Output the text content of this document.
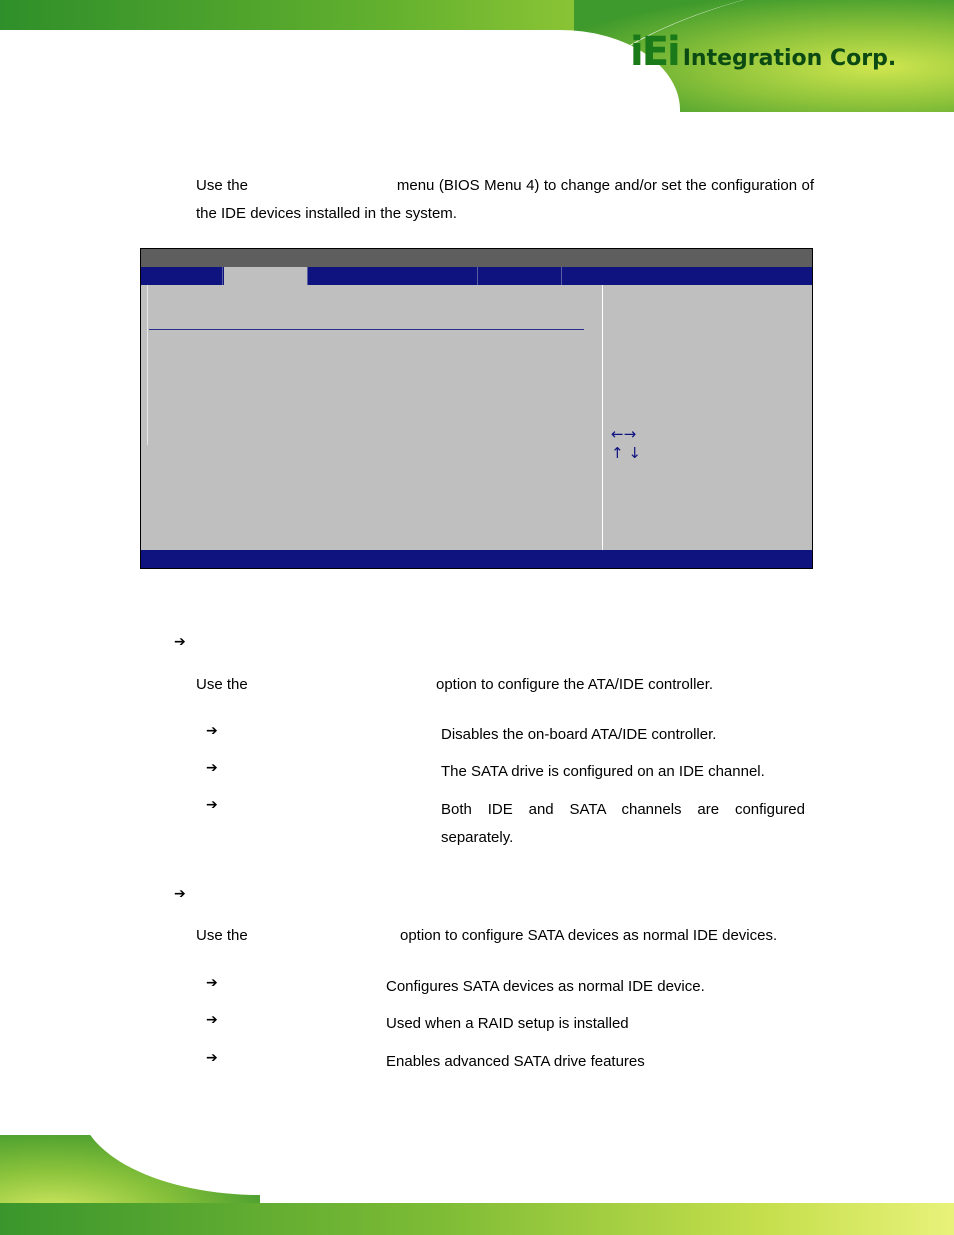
iEi Integration Corp.
Use the	menu (BIOS Menu 4) to change and/or set the configuration of the IDE devices installed in the system.
←→
↑ ↓
➔
Use the	option to configure the ATA/IDE controller.
➔	Disables the on-board ATA/IDE controller.
➔	The SATA drive is configured on an IDE channel.
➔	Both IDE and SATA channels are configured separately.
➔
Use the	option to configure SATA devices as normal IDE devices.
➔	Configures SATA devices as normal IDE device.
➔	Used when a RAID setup is installed
➔	Enables advanced SATA drive features
